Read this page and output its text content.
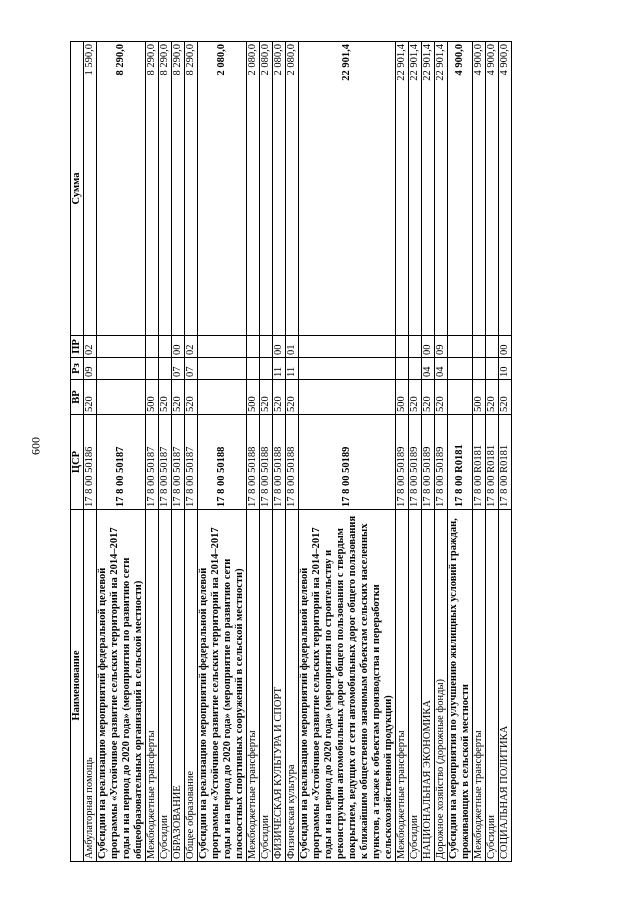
600
Наименование	ЦСР	ВР	Рз	ПР	Сумма
Амбулаторная помощь	17 8 00 50186	520	09	02	1 590,0
Субсидии на реализацию мероприятий федеральной целевой программы «Устойчивое развитие сельских территорий на 2014–2017 годы и на период до 2020 года» (мероприятия по развитию сети общеобразовательных организаций в сельской местности)	17 8 00 50187				8 290,0
Межбюджетные трансферты	17 8 00 50187	500			8 290,0
Субсидии	17 8 00 50187	520			8 290,0
ОБРАЗОВАНИЕ	17 8 00 50187	520	07	00	8 290,0
Общее образование	17 8 00 50187	520	07	02	8 290,0
Субсидии на реализацию мероприятий федеральной целевой программы «Устойчивое развитие сельских территорий на 2014–2017 годы и на период до 2020 года» (мероприятие по развитию сети плоскостных спортивных сооружений в сельской местности)	17 8 00 50188				2 080,0
Межбюджетные трансферты	17 8 00 50188	500			2 080,0
Субсидии	17 8 00 50188	520			2 080,0
ФИЗИЧЕСКАЯ КУЛЬТУРА И СПОРТ	17 8 00 50188	520	11	00	2 080,0
Физическая культура	17 8 00 50188	520	11	01	2 080,0
Субсидии на реализацию мероприятий федеральной целевой программы «Устойчивое развитие сельских территорий на 2014–2017 годы и на период до 2020 года» (мероприятия по строительству и реконструкции автомобильных дорог общего пользования с твердым покрытием, ведущих от сети автомобильных дорог общего пользования к ближайшим общественно значимым объектам сельских населенных пунктов, а также к объектам производства и переработки сельскохозяйственной продукции)	17 8 00 50189				22 901,4
Межбюджетные трансферты	17 8 00 50189	500			22 901,4
Субсидии	17 8 00 50189	520			22 901,4
НАЦИОНАЛЬНАЯ ЭКОНОМИКА	17 8 00 50189	520	04	00	22 901,4
Дорожное хозяйство (дорожные фонды)	17 8 00 50189	520	04	09	22 901,4
Субсидии на мероприятия по улучшению жилищных условий граждан, проживающих в сельской местности	17 8 00 R0181				4 900,0
Межбюджетные трансферты	17 8 00 R0181	500			4 900,0
Субсидии	17 8 00 R0181	520			4 900,0
СОЦИАЛЬНАЯ ПОЛИТИКА	17 8 00 R0181	520	10	00	4 900,0
